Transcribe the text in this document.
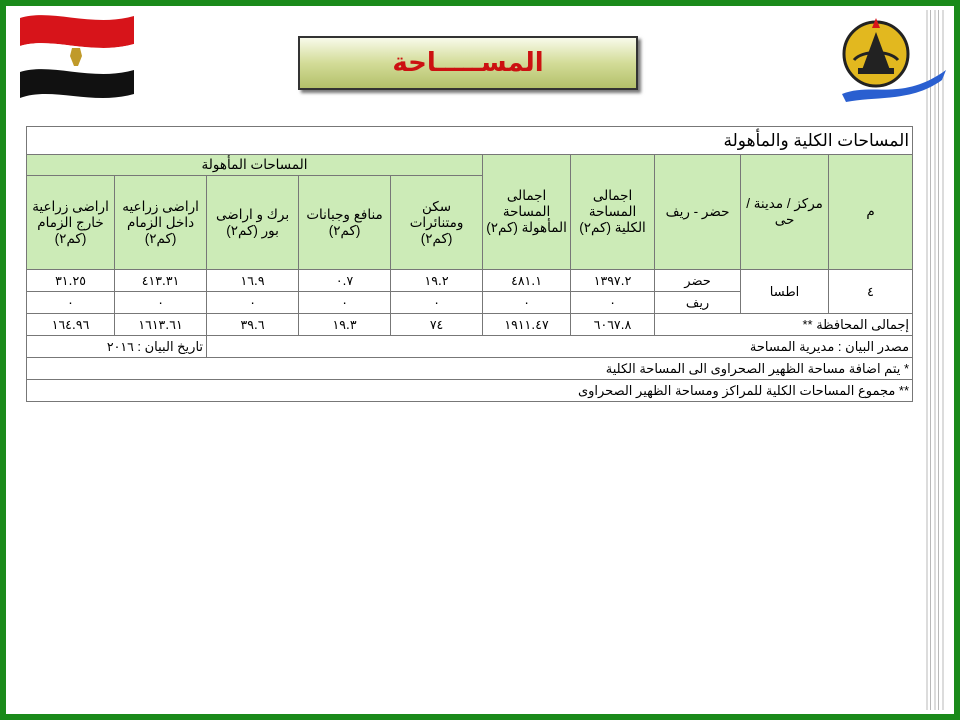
المســـــاحة
المساحات الكلية والمأهولة									
م	مركز / مدينة / حى	حضر - ريف	اجمالى المساحة الكلية (كم٢)	اجمالى المساحة المأهولة (كم٢)	المساحات المأهولة				
					سكن ومتنائرات (كم٢)	منافع وجبانات (كم٢)	برك و اراضى بور (كم٢)	اراضى زراعيه داخل الزمام (كم٢)	اراضى زراعية خارج الزمام (كم٢)
٤	اطسا	حضر	١٣٩٧.٢	٤٨١.١	١٩.٢	٠.٧	١٦.٩	٤١٣.٣١	٣١.٢٥
		ريف	٠	٠	٠	٠	٠	٠	٠
إجمالى المحافظة **			٦٠٦٧.٨	١٩١١.٤٧	٧٤	١٩.٣	٣٩.٦	١٦١٣.٦١	١٦٤.٩٦
مصدر البيان : مديرية المساحة								تاريخ البيان : ٢٠١٦	
* يتم اضافة مساحة الظهير الصحراوى الى المساحة الكلية									
** مجموع المساحات الكلية للمراكز ومساحة الظهير الصحراوى									
